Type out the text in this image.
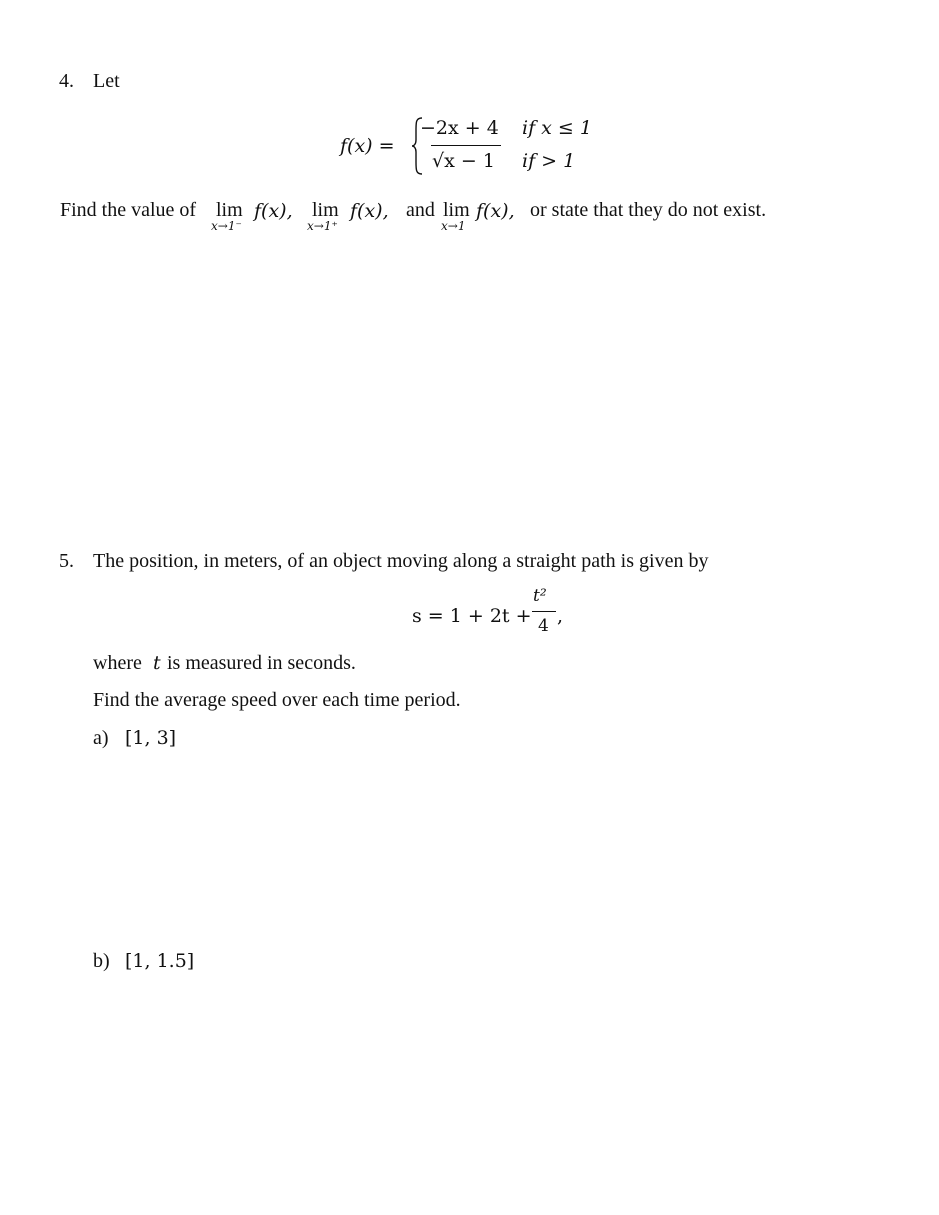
4. Let
f(x) =
−2x + 4 if x ≤ 1
√x − 1 if > 1
Find the value of lim
x→1⁻
f(x), lim
x→1⁺
f(x), and lim
x→1
f(x), or state that they do not exist.
5. The position, in meters, of an object moving along a straight path is given by
s = 1 + 2t +
t²
4 ,
where t is measured in seconds.
Find the average speed over each time period.
a) [1, 3]
b) [1, 1.5]
